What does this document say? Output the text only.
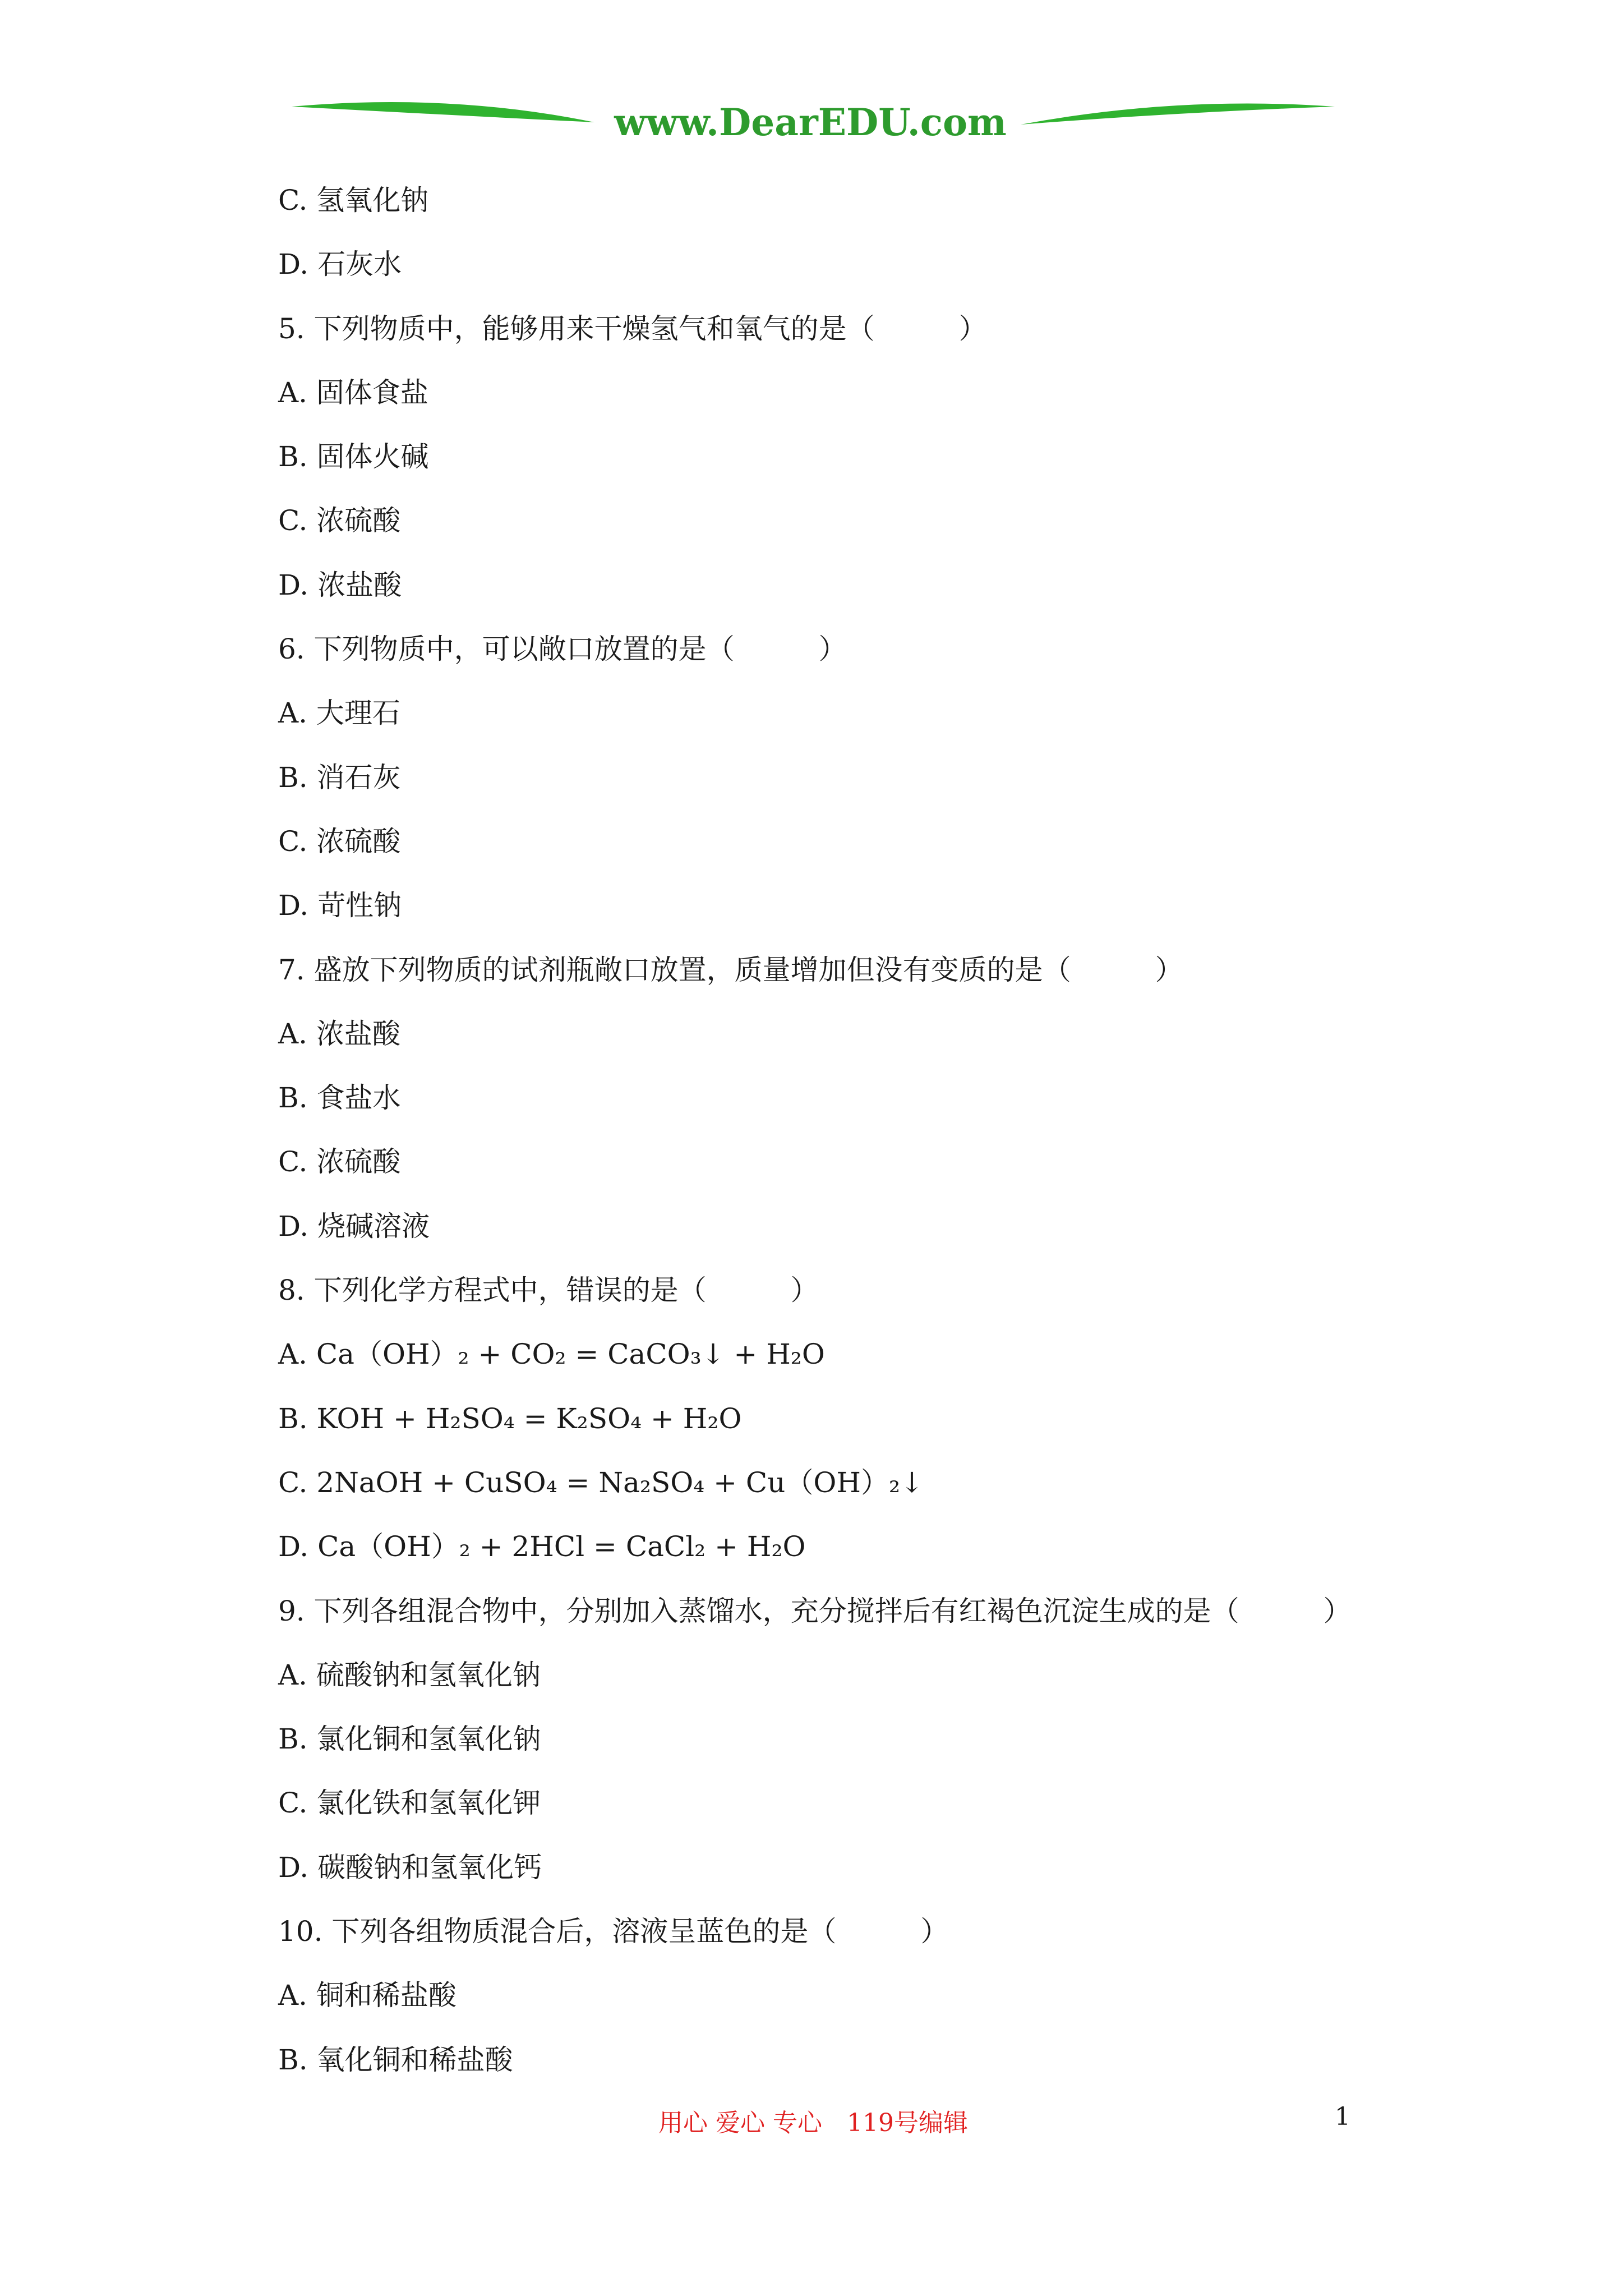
www.DearEDU.com
C. 氢氧化钠
D. 石灰水
5. 下列物质中，能够用来干燥氢气和氧气的是（　　　）
A. 固体食盐
B. 固体火碱
C. 浓硫酸
D. 浓盐酸
6. 下列物质中，可以敞口放置的是（　　　）
A. 大理石
B. 消石灰
C. 浓硫酸
D. 苛性钠
7. 盛放下列物质的试剂瓶敞口放置，质量增加但没有变质的是（　　　）
A. 浓盐酸
B. 食盐水
C. 浓硫酸
D. 烧碱溶液
8. 下列化学方程式中，错误的是（　　　）
A. Ca（OH）₂ + CO₂ = CaCO₃↓ + H₂O
B. KOH + H₂SO₄ = K₂SO₄ + H₂O
C. 2NaOH + CuSO₄ = Na₂SO₄ + Cu（OH）₂↓
D. Ca（OH）₂ + 2HCl = CaCl₂ + H₂O
9. 下列各组混合物中，分别加入蒸馏水，充分搅拌后有红褐色沉淀生成的是（　　　）
A. 硫酸钠和氢氧化钠
B. 氯化铜和氢氧化钠
C. 氯化铁和氢氧化钾
D. 碳酸钠和氢氧化钙
10. 下列各组物质混合后，溶液呈蓝色的是（　　　）
A. 铜和稀盐酸
B. 氧化铜和稀盐酸
用心 爱心 专心　119号编辑	1
